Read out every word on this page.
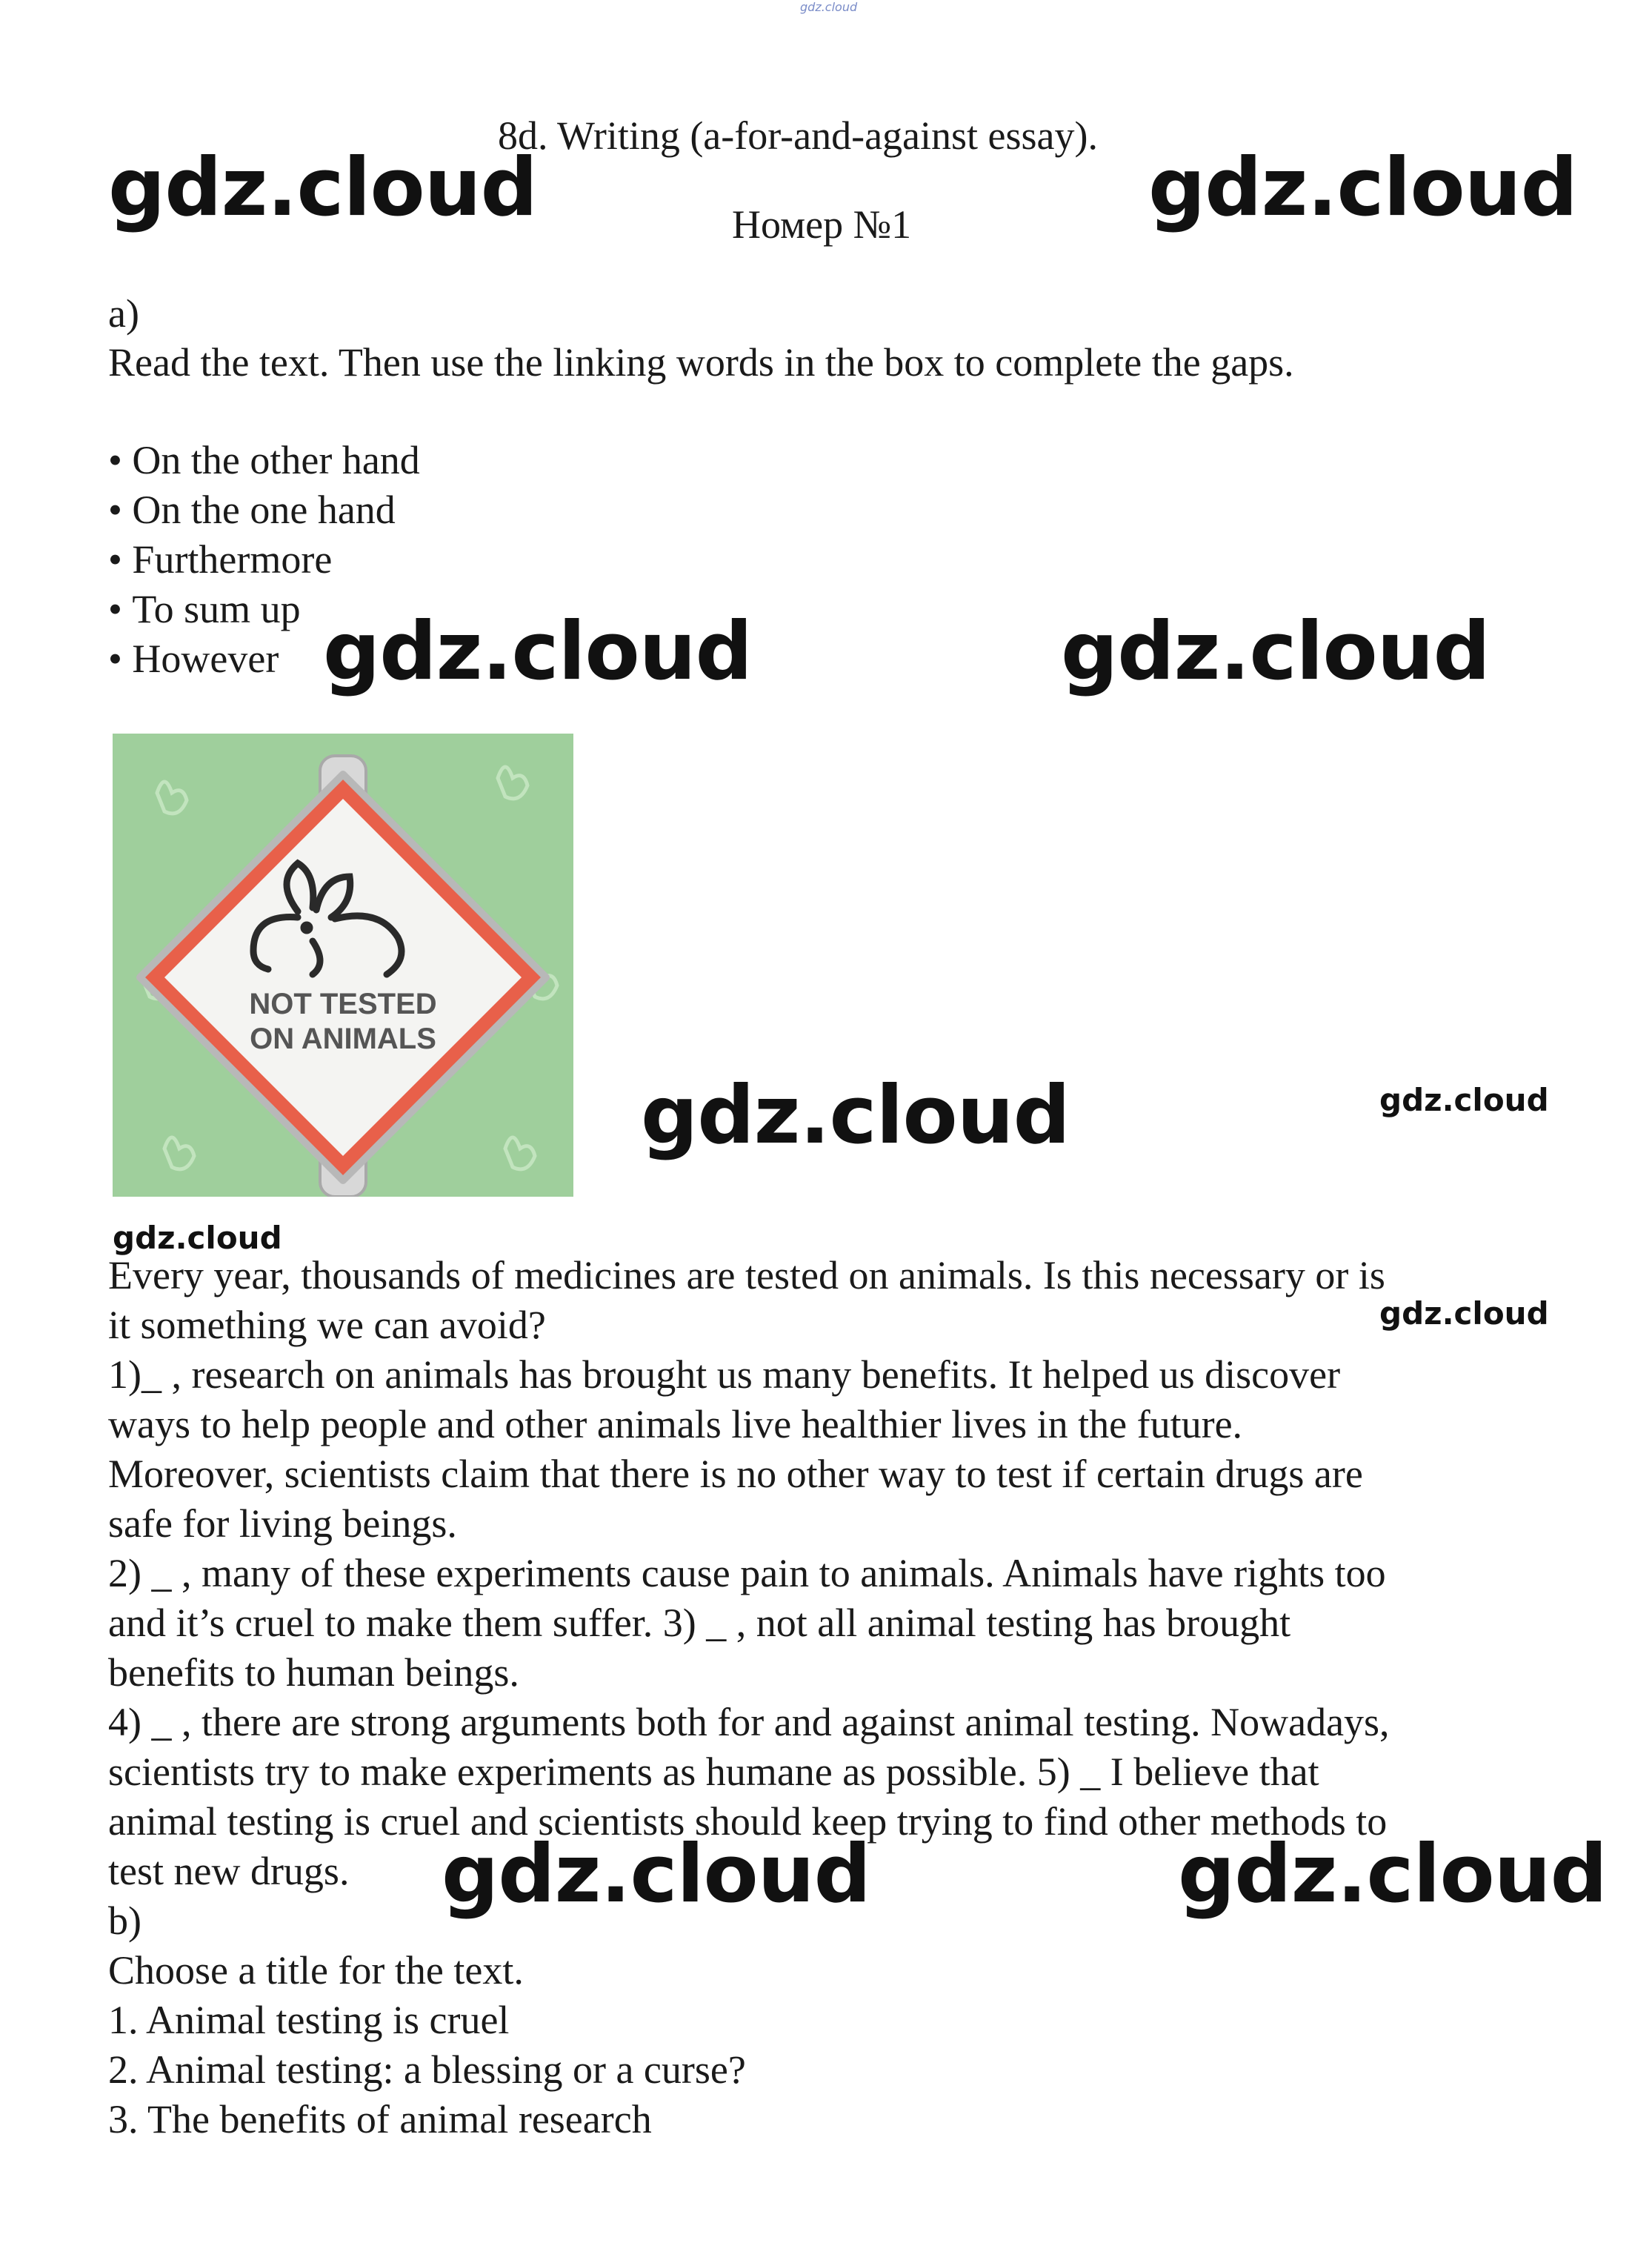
gdz.cloud
8d. Writing (a-for-and-against essay).
Номер №1
gdz.cloud	gdz.cloud
a)
Read the text. Then use the linking words in the box to complete the gaps.
• On the other hand
• On the one hand
• Furthermore
• To sum up
• However gdz.cloud	gdz.cloud
NOT TESTED
ON ANIMALS
gdz.cloud	gdz.cloud
gdz.cloud
Every year, thousands of medicines are tested on animals. Is this necessary or is
it something we can avoid?
1)_ , research on animals has brought us many benefits. It helped us discover
ways to help people and other animals live healthier lives in the future.
Moreover, scientists claim that there is no other way to test if certain drugs are
safe for living beings.
2) _ , many of these experiments cause pain to animals. Animals have rights too
and it’s cruel to make them suffer. 3) _ , not all animal testing has brought
benefits to human beings.
4) _ , there are strong arguments both for and against animal testing. Nowadays,
scientists try to make experiments as humane as possible. 5) _ I believe that
animal testing is cruel and scientists should keep trying to find other methods to
test new drugs.
gdz.cloud
gdz.cloud	gdz.cloud
b)
Choose a title for the text.
1. Animal testing is cruel
2. Animal testing: a blessing or a curse?
3. The benefits of animal research
